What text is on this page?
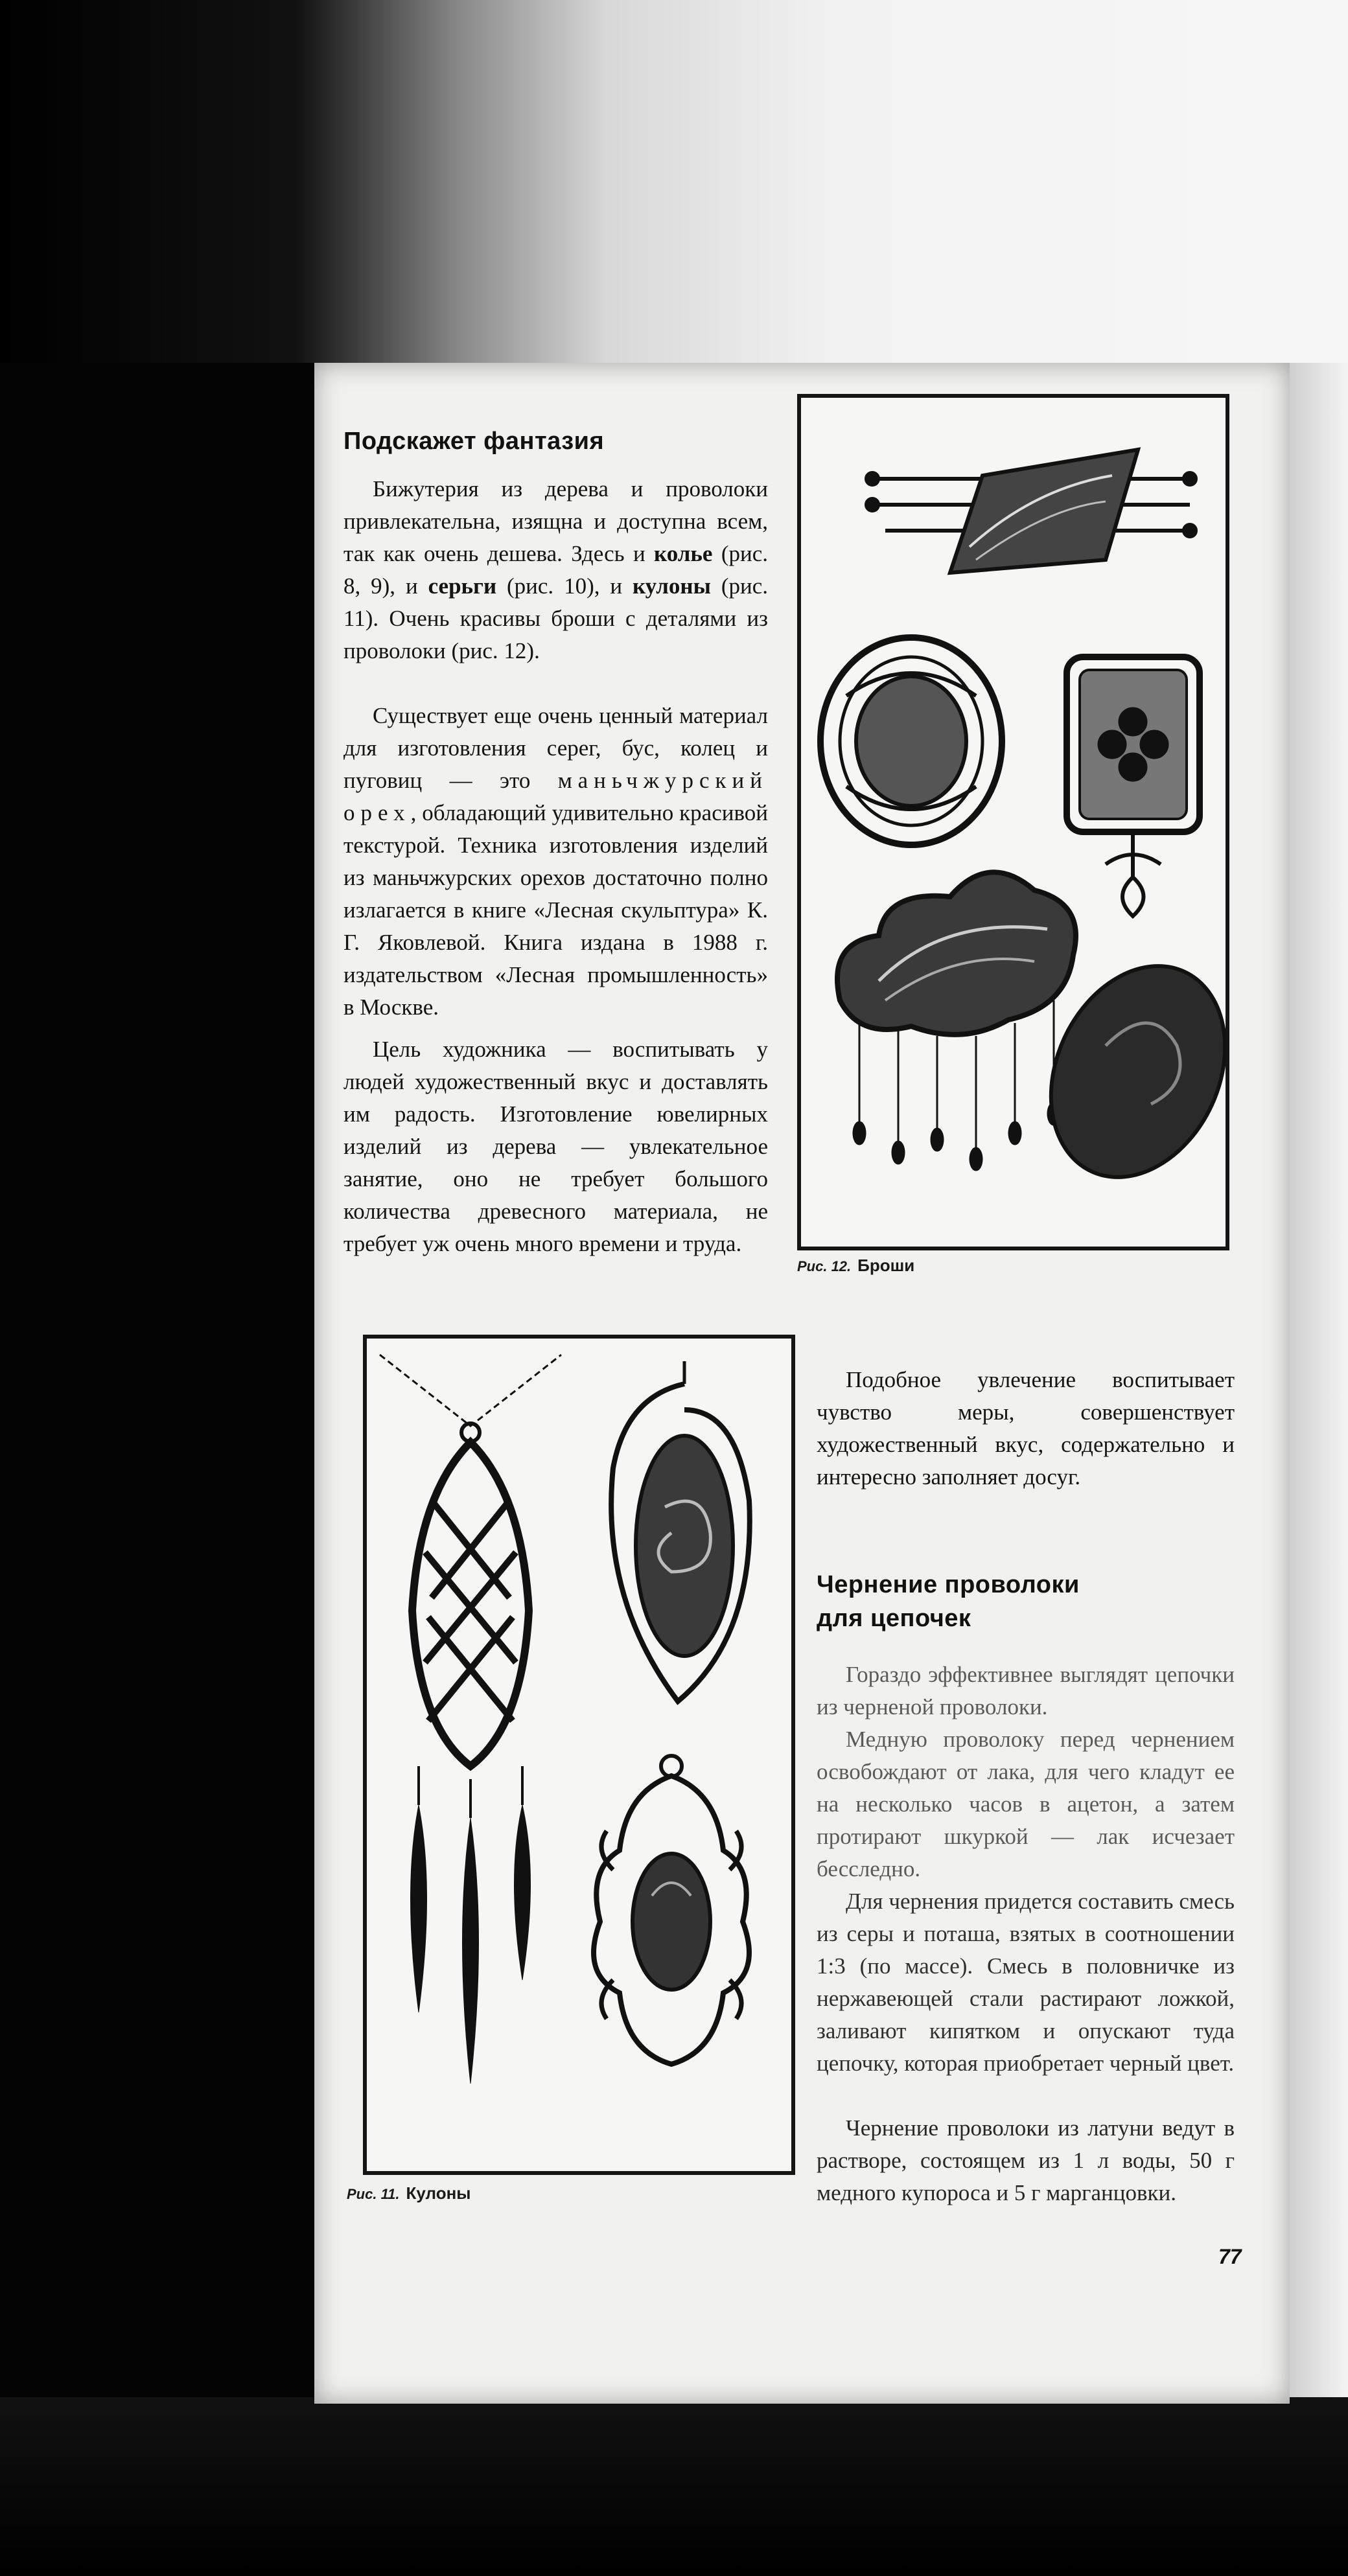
Подскажет фантазия

Бижутерия из дерева и проволоки привлекательна, изящна и доступна всем, так как очень дешева. Здесь и колье (рис. 8, 9), и серьги (рис. 10), и кулоны (рис. 11). Очень красивы броши с деталями из проволоки (рис. 12).

Существует еще очень ценный материал для изготовления серег, бус, колец и пуговиц — это маньчжурский орех, обладающий удивительно красивой текстурой. Техника изготовления изделий из маньчжурских орехов достаточно полно излагается в книге «Лесная скульптура» К. Г. Яковлевой. Книга издана в 1988 г. издательством «Лесная промышленность» в Москве.

Цель художника — воспитывать у людей художественный вкус и доставлять им радость. Изготовление ювелирных изделий из дерева — увлекательное занятие, оно не требует большого количества древесного материала, не требует уж очень много времени и труда.

Рис. 12. Броши
Рис. 11. Кулоны

Подобное увлечение воспитывает чувство меры, совершенствует художественный вкус, содержательно и интересно заполняет досуг.

Чернение проволоки
для цепочек

Гораздо эффективнее выглядят цепочки из черненой проволоки.

Медную проволоку перед чернением освобождают от лака, для чего кладут ее на несколько часов в ацетон, а затем протирают шкуркой — лак исчезает бесследно.

Для чернения придется составить смесь из серы и поташа, взятых в соотношении 1:3 (по массе). Смесь в половничке из нержавеющей стали растирают ложкой, заливают кипятком и опускают туда цепочку, которая приобретает черный цвет.

Чернение проволоки из латуни ведут в растворе, состоящем из 1 л воды, 50 г медного купороса и 5 г марганцовки.

77
